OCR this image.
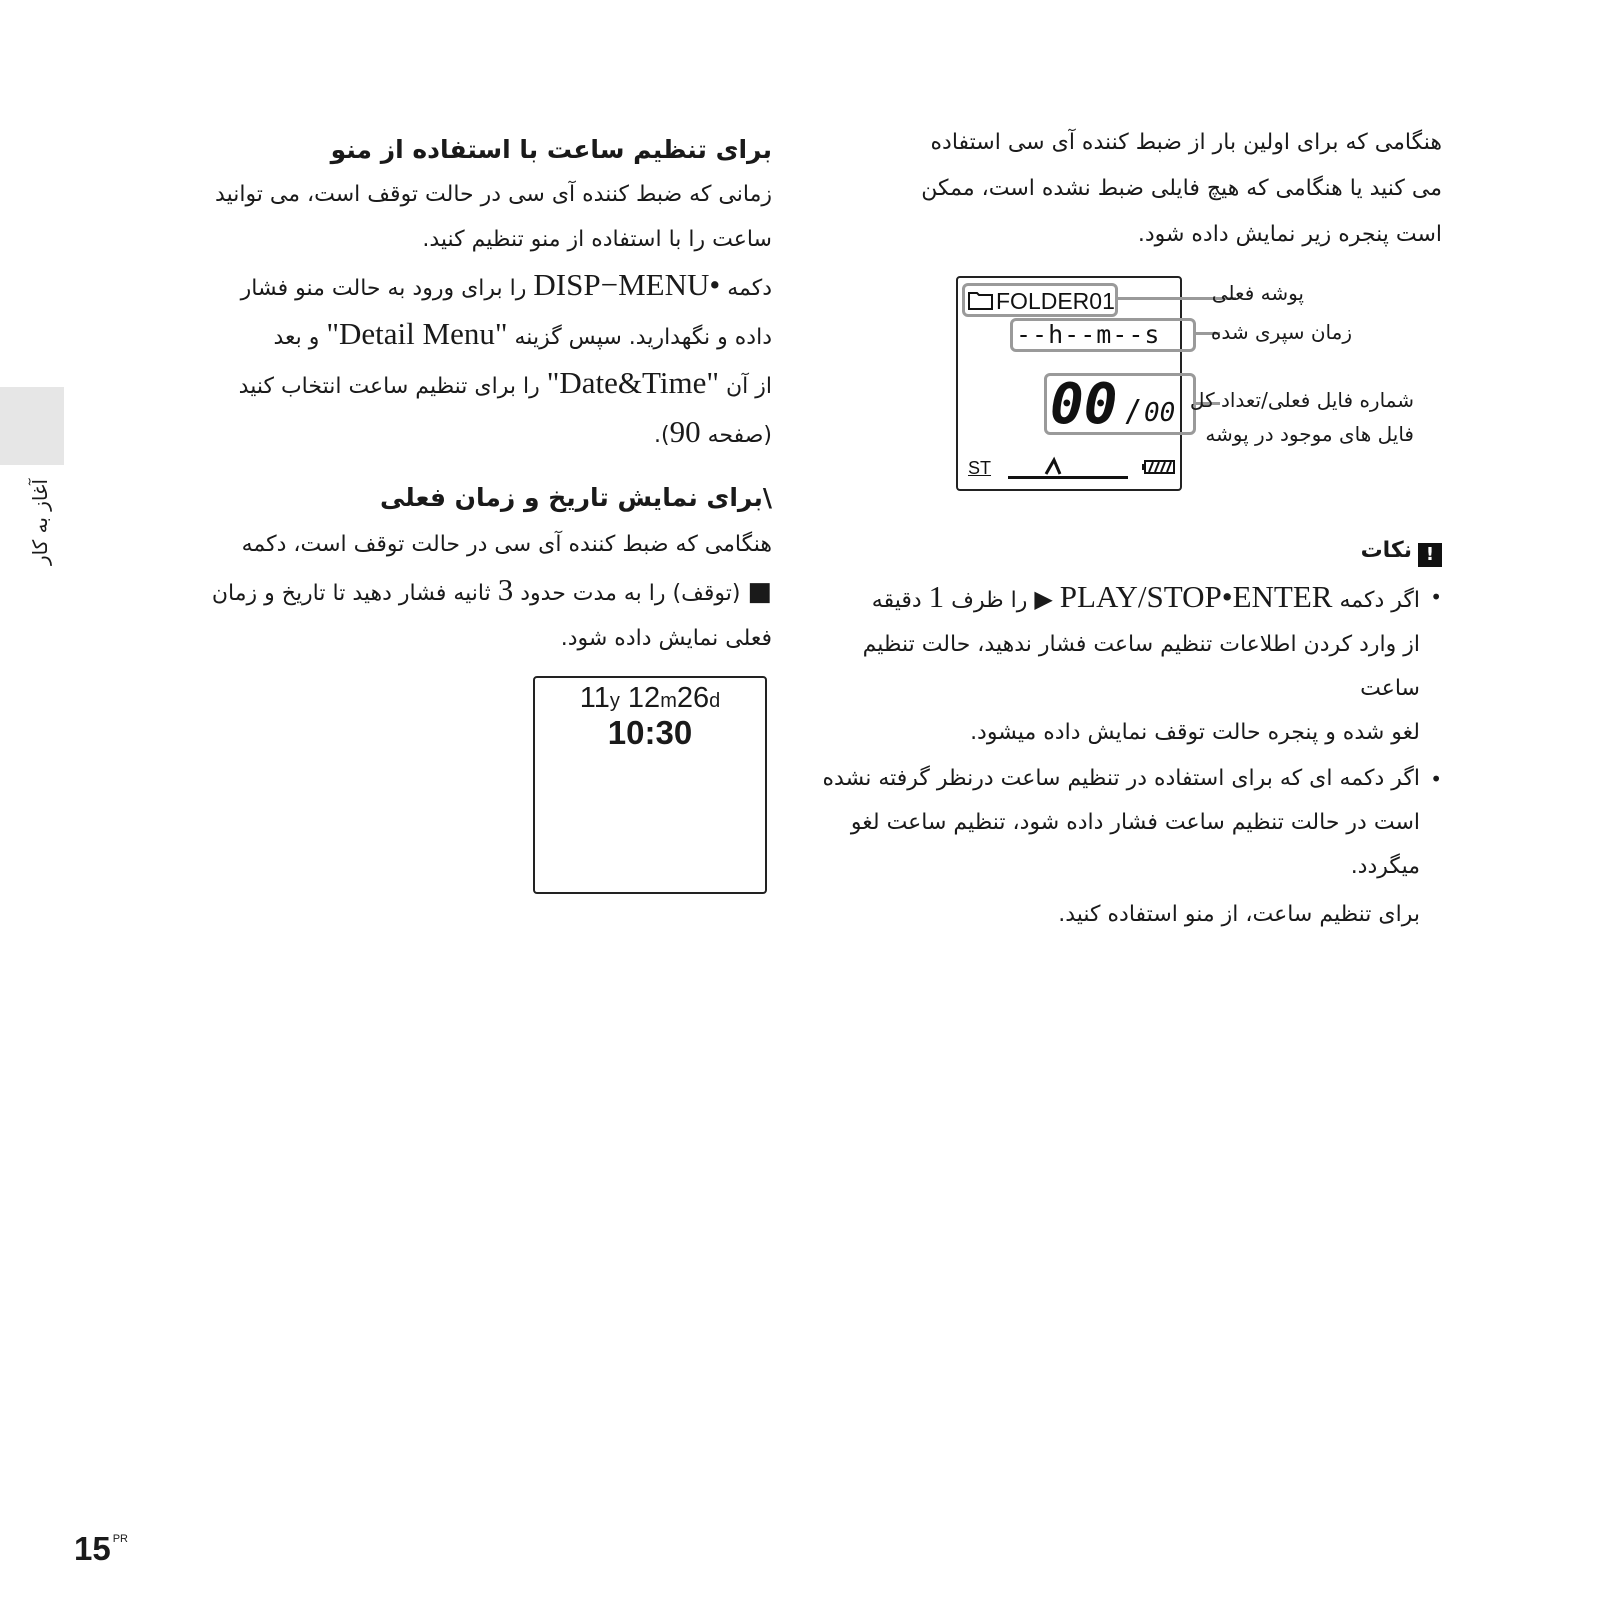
آغاز به کار

هنگامی که برای اولین بار از ضبط کننده آی سی استفاده

می کنید یا هنگامی که هیچ فایلی ضبط نشده است، ممکن

است پنجره زیر نمایش داده شود.

FOLDER01
--h--m--s
00 / 00
ST
پوشه فعلی
زمان سپری شده
شماره فایل فعلی/تعداد کل
فایل های موجود در پوشه
!نکات

• اگر دکمه PLAY/STOP•ENTER ▶ را ظرف 1 دقیقه

از وارد کردن اطلاعات تنظیم ساعت فشار ندهید، حالت تنظیم ساعت

لغو شده و پنجره حالت توقف نمایش داده میشود.

• اگر دکمه ای که برای استفاده در تنظیم ساعت درنظر گرفته نشده

است در حالت تنظیم ساعت فشار داده شود، تنظیم ساعت لغو

میگردد.

برای تنظیم ساعت، از منو استفاده کنید.
برای تنظیم ساعت با استفاده از منو

زمانی که ضبط کننده آی سی در حالت توقف است، می توانید

ساعت را با استفاده از منو تنظیم کنید.

دکمه DISP−MENU• را برای ورود به حالت منو فشار

داده و نگهدارید. سپس گزینه "Detail Menu" و بعد

از آن "Date&Time" را برای تنظیم ساعت انتخاب کنید

(صفحه 90).

\برای نمایش تاریخ و زمان فعلی

هنگامی که ضبط کننده آی سی در حالت توقف است، دکمه

■ (توقف) را به مدت حدود 3 ثانیه فشار دهید تا تاریخ و زمان

فعلی نمایش داده شود.

11y 12m26d
10:30
15 $^{PR}$
